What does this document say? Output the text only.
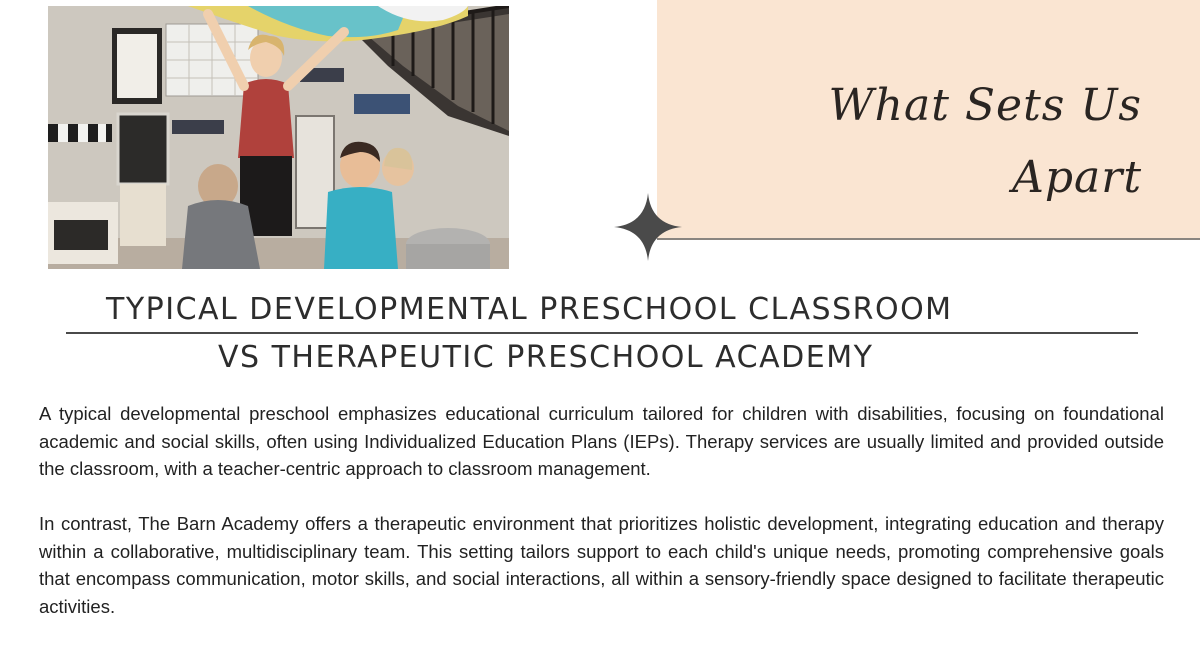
What Sets Us Apart
TYPICAL DEVELOPMENTAL PRESCHOOL CLASSROOM
VS THERAPEUTIC PRESCHOOL ACADEMY

A typical developmental preschool emphasizes educational curriculum tailored for children with disabilities, focusing on foundational academic and social skills, often using Individualized Education Plans (IEPs). Therapy services are usually limited and provided outside the classroom, with a teacher-centric approach to classroom management.

In contrast, The Barn Academy offers a therapeutic environment that prioritizes holistic development, integrating education and therapy within a collaborative, multidisciplinary team. This setting tailors support to each child's unique needs, promoting comprehensive goals that encompass communication, motor skills, and social interactions, all within a sensory-friendly space designed to facilitate therapeutic activities.
